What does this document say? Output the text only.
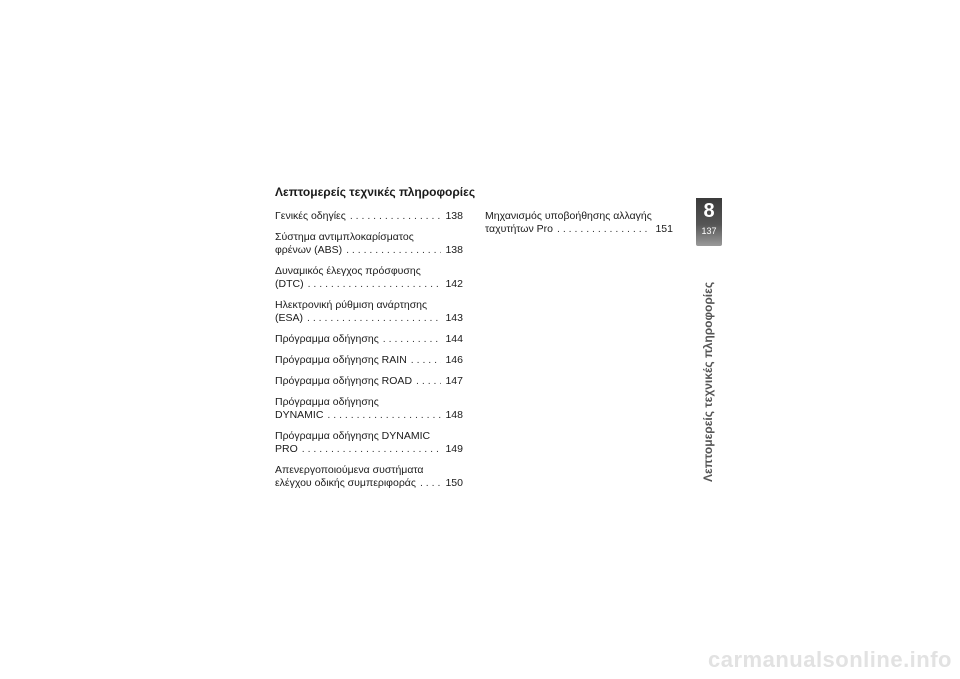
Λεπτομερείς τεχνικές πληροφορίες
Γενικές οδηγίες . . .	138
Σύστημα αντιμπλοκαρίσματος
φρένων (ABS) . . .	138
Δυναμικός έλεγχος πρόσφυσης
(DTC) . . .	142
Ηλεκτρονική ρύθμιση ανάρτησης
(ESA) . . .	143
Πρόγραμμα οδήγησης . . .	144
Πρόγραμμα οδήγησης RAIN . . .	146
Πρόγραμμα οδήγησης ROAD . . .	147
Πρόγραμμα οδήγησης
DYNAMIC . . .	148
Πρόγραμμα οδήγησης DYNAMIC
PRO . . .	149
Απενεργοποιούμενα συστήματα
ελέγχου οδικής συμπεριφοράς . . .	150
Μηχανισμός υποβοήθησης αλλαγής
ταχυτήτων Pro . . .	151
8
137
Λεπτομερείς τεχνικές πληροφορίες
carmanualsonline.info
